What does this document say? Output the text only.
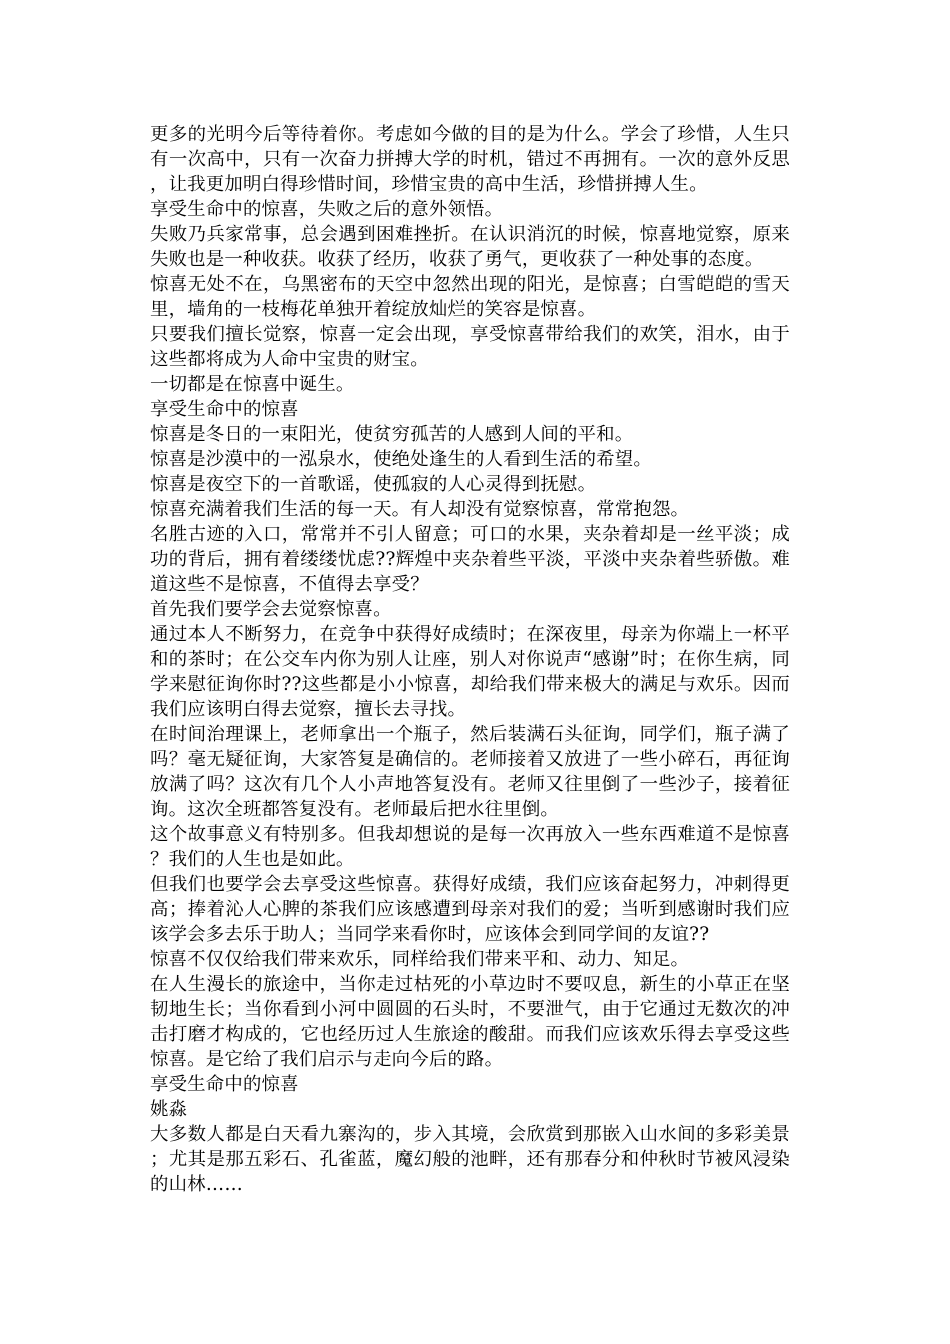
更多的光明今后等待着你。考虑如今做的目的是为什么。学会了珍惜，人生只有一次高中，只有一次奋力拼搏大学的时机，错过不再拥有。一次的意外反思，让我更加明白得珍惜时间，珍惜宝贵的高中生活，珍惜拼搏人生。

享受生命中的惊喜，失败之后的意外领悟。

失败乃兵家常事，总会遇到困难挫折。在认识消沉的时候，惊喜地觉察，原来失败也是一种收获。收获了经历，收获了勇气，更收获了一种处事的态度。

惊喜无处不在，乌黑密布的天空中忽然出现的阳光，是惊喜；白雪皑皑的雪天里，墙角的一枝梅花单独开着绽放灿烂的笑容是惊喜。

只要我们擅长觉察，惊喜一定会出现，享受惊喜带给我们的欢笑，泪水，由于这些都将成为人命中宝贵的财宝。

一切都是在惊喜中诞生。

享受生命中的惊喜

惊喜是冬日的一束阳光，使贫穷孤苦的人感到人间的平和。

惊喜是沙漠中的一泓泉水，使绝处逢生的人看到生活的希望。

惊喜是夜空下的一首歌谣，使孤寂的人心灵得到抚慰。

惊喜充满着我们生活的每一天。有人却没有觉察惊喜，常常抱怨。

名胜古迹的入口，常常并不引人留意；可口的水果，夹杂着却是一丝平淡；成功的背后，拥有着缕缕忧虑??辉煌中夹杂着些平淡，平淡中夹杂着些骄傲。难道这些不是惊喜，不值得去享受？

首先我们要学会去觉察惊喜。

通过本人不断努力，在竞争中获得好成绩时；在深夜里，母亲为你端上一杯平和的茶时；在公交车内你为别人让座，别人对你说声“感谢”时；在你生病，同学来慰征询你时??这些都是小小惊喜，却给我们带来极大的满足与欢乐。因而我们应该明白得去觉察，擅长去寻找。

在时间治理课上，老师拿出一个瓶子，然后装满石头征询，同学们，瓶子满了吗？毫无疑征询，大家答复是确信的。老师接着又放进了一些小碎石，再征询放满了吗？这次有几个人小声地答复没有。老师又往里倒了一些沙子，接着征询。这次全班都答复没有。老师最后把水往里倒。

这个故事意义有特别多。但我却想说的是每一次再放入一些东西难道不是惊喜？我们的人生也是如此。

但我们也要学会去享受这些惊喜。获得好成绩，我们应该奋起努力，冲刺得更高；捧着沁人心脾的茶我们应该感遭到母亲对我们的爱；当听到感谢时我们应该学会多去乐于助人；当同学来看你时，应该体会到同学间的友谊??

惊喜不仅仅给我们带来欢乐，同样给我们带来平和、动力、知足。

在人生漫长的旅途中，当你走过枯死的小草边时不要叹息，新生的小草正在坚韧地生长；当你看到小河中圆圆的石头时，不要泄气，由于它通过无数次的冲击打磨才构成的，它也经历过人生旅途的酸甜。而我们应该欢乐得去享受这些惊喜。是它给了我们启示与走向今后的路。

享受生命中的惊喜

姚淼

大多数人都是白天看九寨沟的，步入其境，会欣赏到那嵌入山水间的多彩美景；尤其是那五彩石、孔雀蓝，魔幻般的池畔，还有那春分和仲秋时节被风浸染的山林……
